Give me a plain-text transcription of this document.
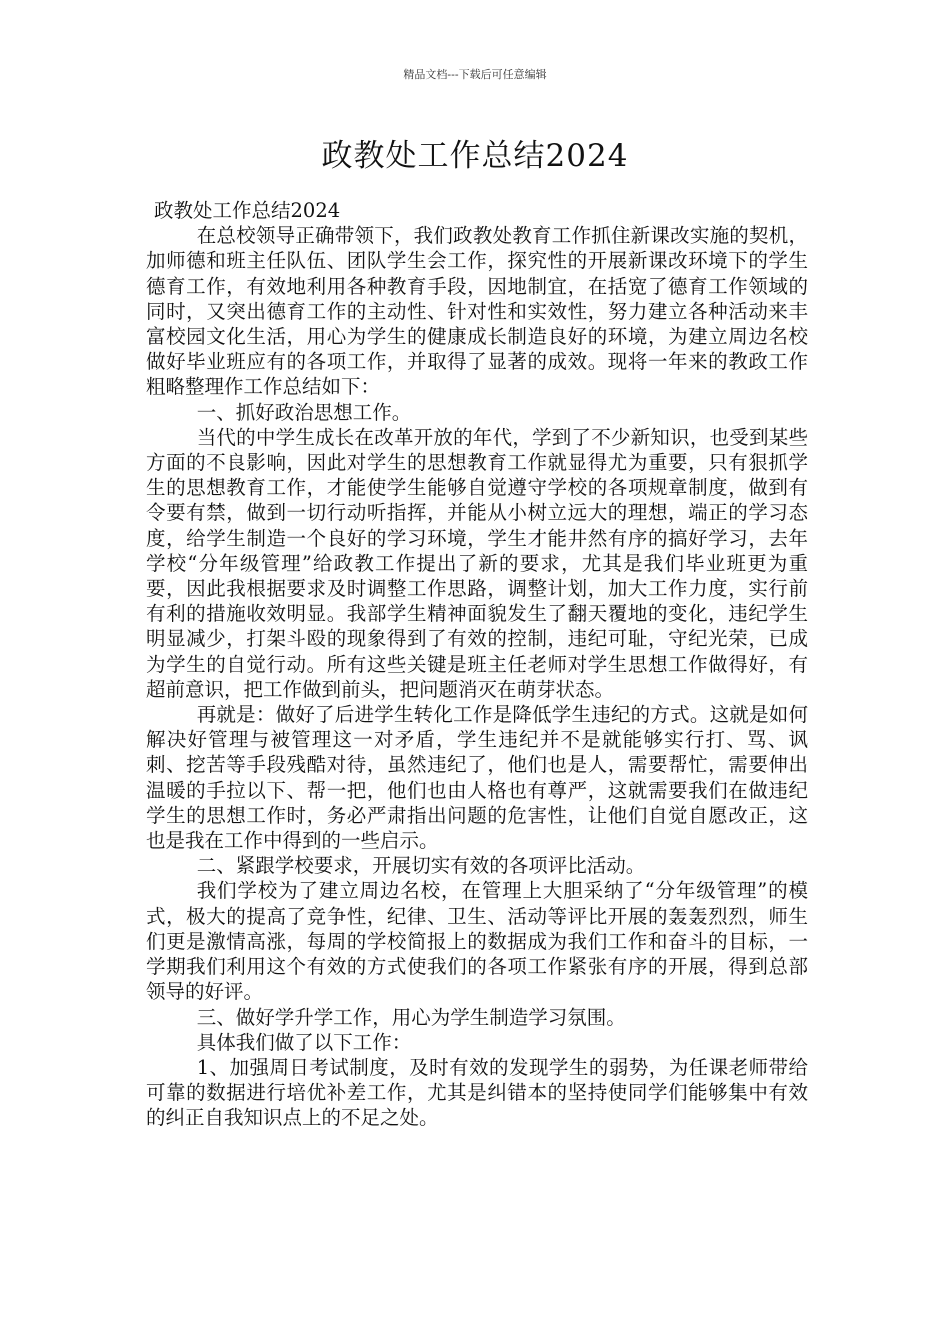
精品文档---下载后可任意编辑
政教处工作总结2024

政教处工作总结2024

在总校领导正确带领下，我们政教处教育工作抓住新课改实施的契机，加师德和班主任队伍、团队学生会工作，探究性的开展新课改环境下的学生德育工作，有效地利用各种教育手段，因地制宜，在括宽了德育工作领域的同时，又突出德育工作的主动性、针对性和实效性，努力建立各种活动来丰富校园文化生活，用心为学生的健康成长制造良好的环境，为建立周边名校做好毕业班应有的各项工作，并取得了显著的成效。现将一年来的教政工作粗略整理作工作总结如下：

一、抓好政治思想工作。

当代的中学生成长在改革开放的年代，学到了不少新知识，也受到某些方面的不良影响，因此对学生的思想教育工作就显得尤为重要，只有狠抓学生的思想教育工作，才能使学生能够自觉遵守学校的各项规章制度，做到有令要有禁，做到一切行动听指挥，并能从小树立远大的理想，端正的学习态度，给学生制造一个良好的学习环境，学生才能井然有序的搞好学习，去年学校“分年级管理”给政教工作提出了新的要求，尤其是我们毕业班更为重要，因此我根据要求及时调整工作思路，调整计划，加大工作力度，实行前有利的措施收效明显。我部学生精神面貌发生了翻天覆地的变化，违纪学生明显减少，打架斗殴的现象得到了有效的控制，违纪可耻，守纪光荣，已成为学生的自觉行动。所有这些关键是班主任老师对学生思想工作做得好，有超前意识，把工作做到前头，把问题消灭在萌芽状态。

再就是：做好了后进学生转化工作是降低学生违纪的方式。这就是如何解决好管理与被管理这一对矛盾，学生违纪并不是就能够实行打、骂、讽刺、挖苦等手段残酷对待，虽然违纪了，他们也是人，需要帮忙，需要伸出温暖的手拉以下、帮一把，他们也由人格也有尊严，这就需要我们在做违纪学生的思想工作时，务必严肃指出问题的危害性，让他们自觉自愿改正，这也是我在工作中得到的一些启示。

二、紧跟学校要求，开展切实有效的各项评比活动。

我们学校为了建立周边名校，在管理上大胆采纳了“分年级管理”的模式，极大的提高了竞争性，纪律、卫生、活动等评比开展的轰轰烈烈，师生们更是激情高涨，每周的学校简报上的数据成为我们工作和奋斗的目标，一学期我们利用这个有效的方式使我们的各项工作紧张有序的开展，得到总部领导的好评。

三、做好学升学工作，用心为学生制造学习氛围。

具体我们做了以下工作：

1、加强周日考试制度，及时有效的发现学生的弱势，为任课老师带给可靠的数据进行培优补差工作，尤其是纠错本的坚持使同学们能够集中有效的纠正自我知识点上的不足之处。
